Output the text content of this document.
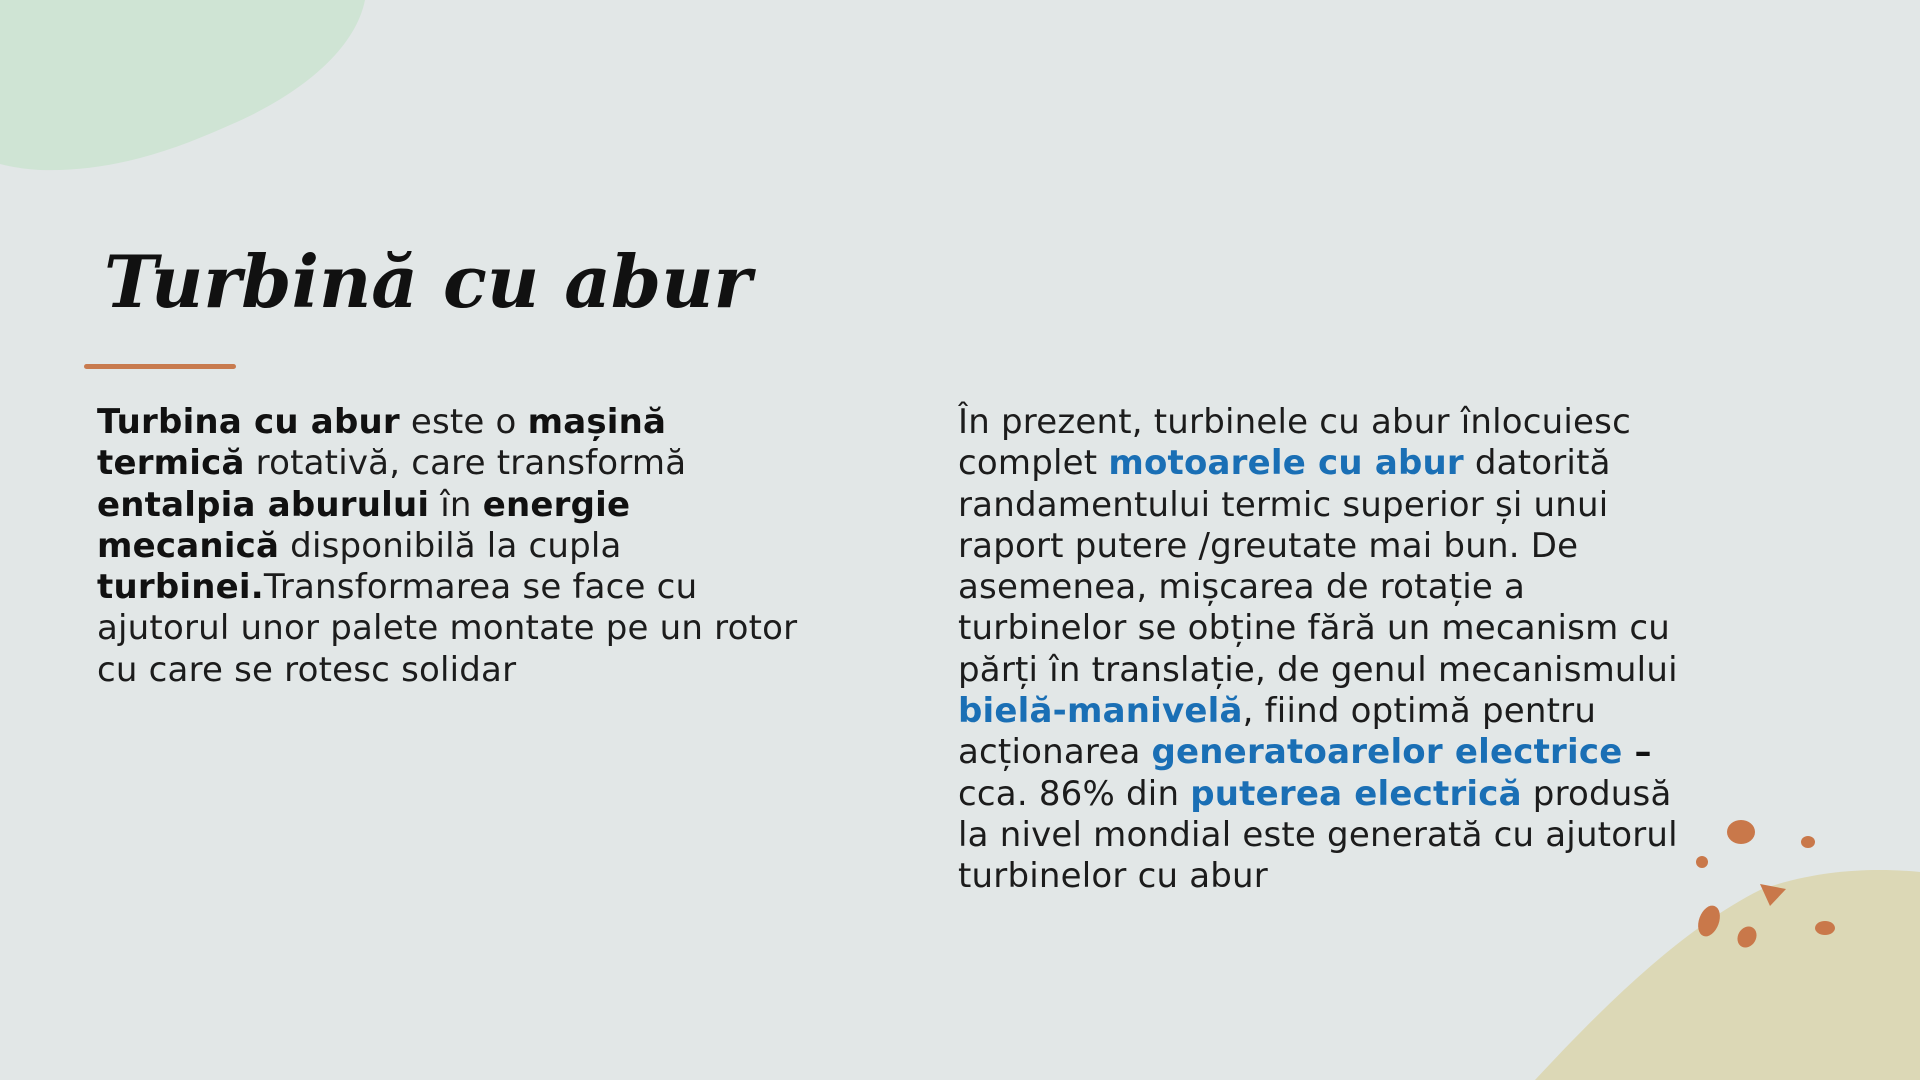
Turbină cu abur

Turbina cu abur este o mașină termică rotativă, care transformă entalpia aburului în energie mecanică disponibilă la cupla turbinei.Transformarea se face cu ajutorul unor palete montate pe un rotor cu care se rotesc solidar

În prezent, turbinele cu abur înlocuiesc complet motoarele cu abur datorită randamentului termic superior și unui raport putere /greutate mai bun. De asemenea, mișcarea de rotație a turbinelor se obține fără un mecanism cu părți în translație, de genul mecanismului bielă-manivelă, fiind optimă pentru acționarea generatoarelor electrice – cca. 86% din puterea electrică produsă la nivel mondial este generată cu ajutorul turbinelor cu abur
